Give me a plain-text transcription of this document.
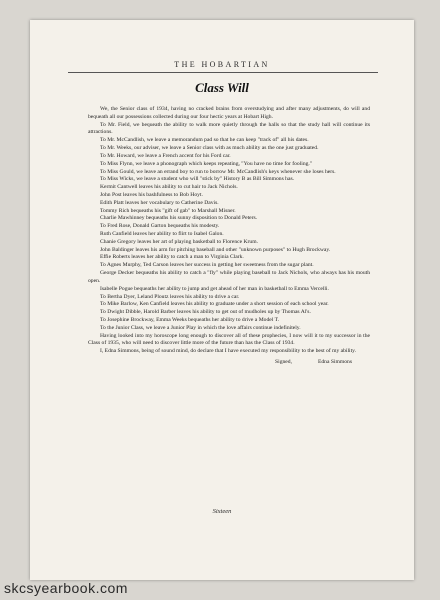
THE HOBARTIAN
Class Will

We, the Senior class of 1934, having no cracked brains from overstudying and after many adjustments, do will and bequeath all our possessions collected during our four hectic years at Hobart High.

To Mr. Field, we bequeath the ability to walk more quietly through the halls so that the study hall will continue its attractions.

To Mr. McCandlish, we leave a memorandum pad so that he can keep "track of" all his dates.

To Mr. Weeks, our adviser, we leave a Senior class with as much ability as the one just graduated.

To Mr. Howard, we leave a French accent for his Ford car.

To Miss Flynn, we leave a phonograph which keeps repeating, "You have no time for fooling."

To Miss Gould, we leave an errand boy to run to borrow Mr. McCandlish's keys whenever she loses hers.

To Miss Wicks, we leave a student who will "stick by" History B as Bill Simmons has.

Kermit Cantwell leaves his ability to cut hair to Jack Nichols.

John Post leaves his bashfulness to Bob Hoyt.

Edith Platt leaves her vocabulary to Catherine Davis.

Tommy Rich bequeaths his "gift of gab" to Marshall Misner.

Charlie Mawhinney bequeaths his sunny disposition to Donald Peters.

To Fred Rose, Donald Garton bequeaths his modesty.

Ruth Canfield leaves her ability to flirt to Isabel Galon.

Chanie Gregory leaves her art of playing basketball to Florence Krum.

John Baldinger leaves his arm for pitching baseball and other "unknown purposes" to Hugh Brockway.

Effie Roberts leaves her ability to catch a man to Virginia Clark.

To Agnes Murphy, Ted Carson leaves her success in getting her sweetness from the sugar plant.

George Decker bequeaths his ability to catch a "fly" while playing baseball to Jack Nichols, who always has his mouth open.

Isabelle Pogue bequeaths her ability to jump and get ahead of her man in basketball to Emma Vercelli.

To Bertha Dyer, Leland Ploutz leaves his ability to drive a car.

To Mike Barlow, Ken Canfield leaves his ability to graduate under a short session of each school year.

To Dwight Dibble, Harold Barber leaves his ability to get out of mudholes up by Thomas Al's.

To Josephine Brockway, Emma Weeks bequeaths her ability to drive a Model T.

To the Junior Class, we leave a Junior Play in which the love affairs continue indefinitely.

Having looked into my horoscope long enough to discover all of these prophecies, I now will it to my successor in the Class of 1935, who will need to discover little more of the future than has the Class of 1934.

I, Edna Simmons, being of sound mind, do declare that I have executed my responsibility to the best of my ability.

Signed,	Edna Simmons
Sixteen
skcsyearbook.com
